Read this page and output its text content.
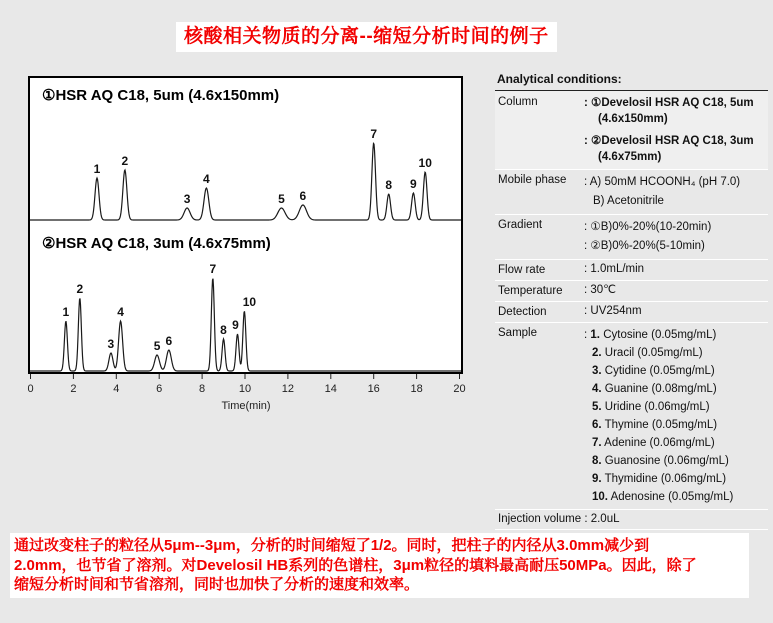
核酸相关物质的分离--缩短分析时间的例子
1
2
3
4
5 6
7
8 9
10
1
2
3
4
5 6
7
8 9
10
①HSR AQ C18, 5um (4.6x150mm)
②HSR AQ C18, 3um (4.6x75mm)
0	2	4	6	8	10	12	14	16	18	20
Time(min)
Analytical conditions:
Column	: ①Develosil HSR AQ C18, 5um
(4.6x150mm)
: ②Develosil HSR AQ C18, 3um
(4.6x75mm)
Mobile phase	: A) 50mM HCOONH₄ (pH 7.0)
B) Acetonitrile
Gradient	: ①B)0%-20%(10-20min)
: ②B)0%-20%(5-10min)
Flow rate	: 1.0mL/min
Temperature	: 30℃
Detection	: UV254nm
Sample	: 1. Cytosine (0.05mg/mL)
2. Uracil (0.05mg/mL)
3. Cytidine (0.05mg/mL)
4. Guanine (0.08mg/mL)
5. Uridine (0.06mg/mL)
6. Thymine (0.05mg/mL)
7. Adenine (0.06mg/mL)
8. Guanosine (0.06mg/mL)
9. Thymidine (0.06mg/mL)
10. Adenosine (0.05mg/mL)
Injection volume : 2.0uL
通过改变柱子的粒径从5μm--3μm，分析的时间缩短了1/2。同时，把柱子的内径从3.0mm减少到
2.0mm，也节省了溶剂。对Develosil HB系列的色谱柱，3μm粒径的填料最高耐压50MPa。因此，除了
缩短分析时间和节省溶剂，同时也加快了分析的速度和效率。
